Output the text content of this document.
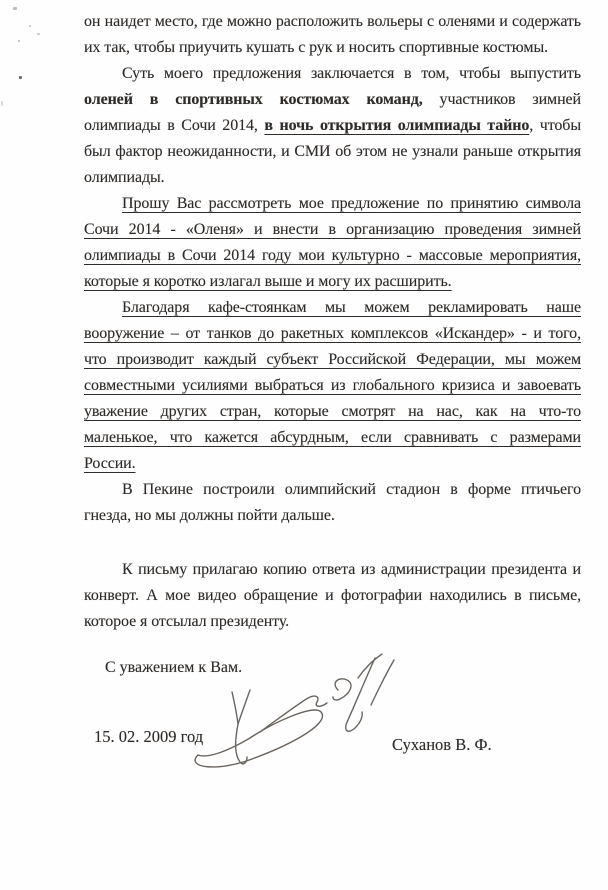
он наидет место, где можно расположить вольеры с оленями и содержать
их так, чтобы приучить кушать с рук и носить спортивные костюмы.
Суть моего предложения заключается в том, чтобы выпустить
оленей в спортивных костюмах команд, участников зимней
олимпиады в Сочи 2014, в ночь открытия олимпиады тайно, чтобы
был фактор неожиданности, и СМИ об этом не узнали раньше открытия
олимпиады.
Прошу Вас рассмотреть мое предложение по принятию символа
Сочи 2014 - «Оленя» и внести в организацию проведения зимней
олимпиады в Сочи 2014 году мои культурно - массовые мероприятия,
которые я коротко излагал выше и могу их расширить.
Благодаря кафе-стоянкам мы можем рекламировать наше
вооружение – от танков до ракетных комплексов «Искандер» - и того,
что производит каждый субъект Российской Федерации, мы можем
совместными усилиями выбраться из глобального кризиса и завоевать
уважение других стран, которые смотрят на нас, как на что-то
маленькое, что кажется абсурдным, если сравнивать с размерами
России.
В Пекине построили олимпийский стадион в форме птичьего
гнезда, но мы должны пойти дальше.
К письму прилагаю копию ответа из администрации президента и
конверт. А мое видео обращение и фотографии находились в письме,
которое я отсылал президенту.
С уважением к Вам.
15. 02. 2009 год	Суханов В. Ф.
